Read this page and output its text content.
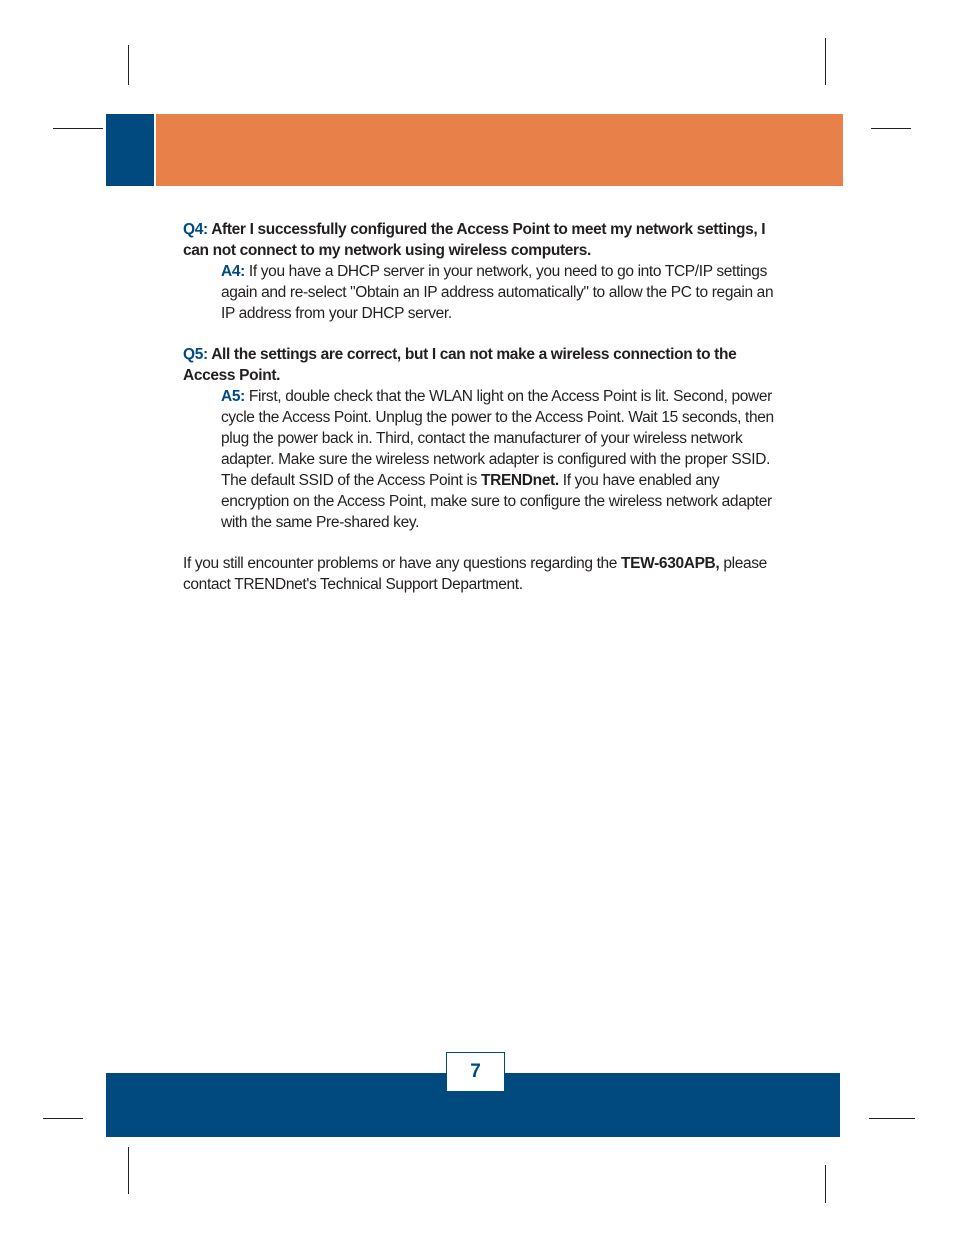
Q4: After I successfully configured the Access Point to meet my network settings, I can not connect to my network using wireless computers.

A4: If you have a DHCP server in your network, you need to go into TCP/IP settings again and re-select "Obtain an IP address automatically" to allow the PC to regain an IP address from your DHCP server.

Q5: All the settings are correct, but I can not make a wireless connection to the Access Point.

A5: First, double check that the WLAN light on the Access Point is lit. Second, power cycle the Access Point. Unplug the power to the Access Point. Wait 15 seconds, then plug the power back in. Third, contact the manufacturer of your wireless network adapter. Make sure the wireless network adapter is configured with the proper SSID. The default SSID of the Access Point is TRENDnet. If you have enabled any encryption on the Access Point, make sure to configure the wireless network adapter with the same Pre-shared key.

If you still encounter problems or have any questions regarding the TEW-630APB, please contact TRENDnet's Technical Support Department.

7
